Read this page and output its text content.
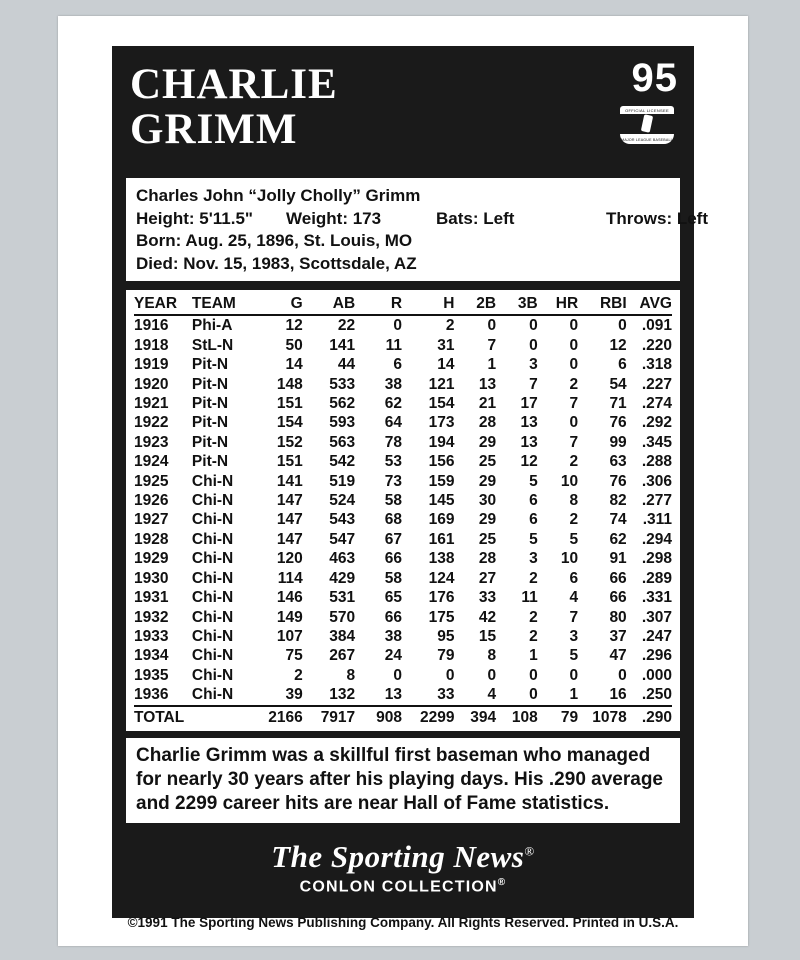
CHARLIE
GRIMM
95
OFFICIAL LICENSEE
MAJOR LEAGUE BASEBALL
Charles John “Jolly Cholly” Grimm
Height: 5'11.5" Weight: 173	Bats: Left	Throws: Left
Born: Aug. 25, 1896, St. Louis, MO
Died: Nov. 15, 1983, Scottsdale, AZ
YEAR	TEAM	G	AB	R	H	2B	3B	HR	RBI	AVG
1916	Phi-A	12	22	0	2	0	0	0	0	.091
1918	StL-N	50	141	11	31	7	0	0	12	.220
1919	Pit-N	14	44	6	14	1	3	0	6	.318
1920	Pit-N	148	533	38	121	13	7	2	54	.227
1921	Pit-N	151	562	62	154	21	17	7	71	.274
1922	Pit-N	154	593	64	173	28	13	0	76	.292
1923	Pit-N	152	563	78	194	29	13	7	99	.345
1924	Pit-N	151	542	53	156	25	12	2	63	.288
1925	Chi-N	141	519	73	159	29	5	10	76	.306
1926	Chi-N	147	524	58	145	30	6	8	82	.277
1927	Chi-N	147	543	68	169	29	6	2	74	.311
1928	Chi-N	147	547	67	161	25	5	5	62	.294
1929	Chi-N	120	463	66	138	28	3	10	91	.298
1930	Chi-N	114	429	58	124	27	2	6	66	.289
1931	Chi-N	146	531	65	176	33	11	4	66	.331
1932	Chi-N	149	570	66	175	42	2	7	80	.307
1933	Chi-N	107	384	38	95	15	2	3	37	.247
1934	Chi-N	75	267	24	79	8	1	5	47	.296
1935	Chi-N	2	8	0	0	0	0	0	0	.000
1936	Chi-N	39	132	13	33	4	0	1	16	.250
TOTAL		2166	7917	908	2299	394	108	79	1078	.290
Charlie Grimm was a skillful first baseman who managed for nearly 30 years after his playing days. His .290 average and 2299 career hits are near Hall of Fame statistics.
The Sporting News®
CONLON COLLECTION®
©1991 The Sporting News Publishing Company. All Rights Reserved. Printed in U.S.A.
